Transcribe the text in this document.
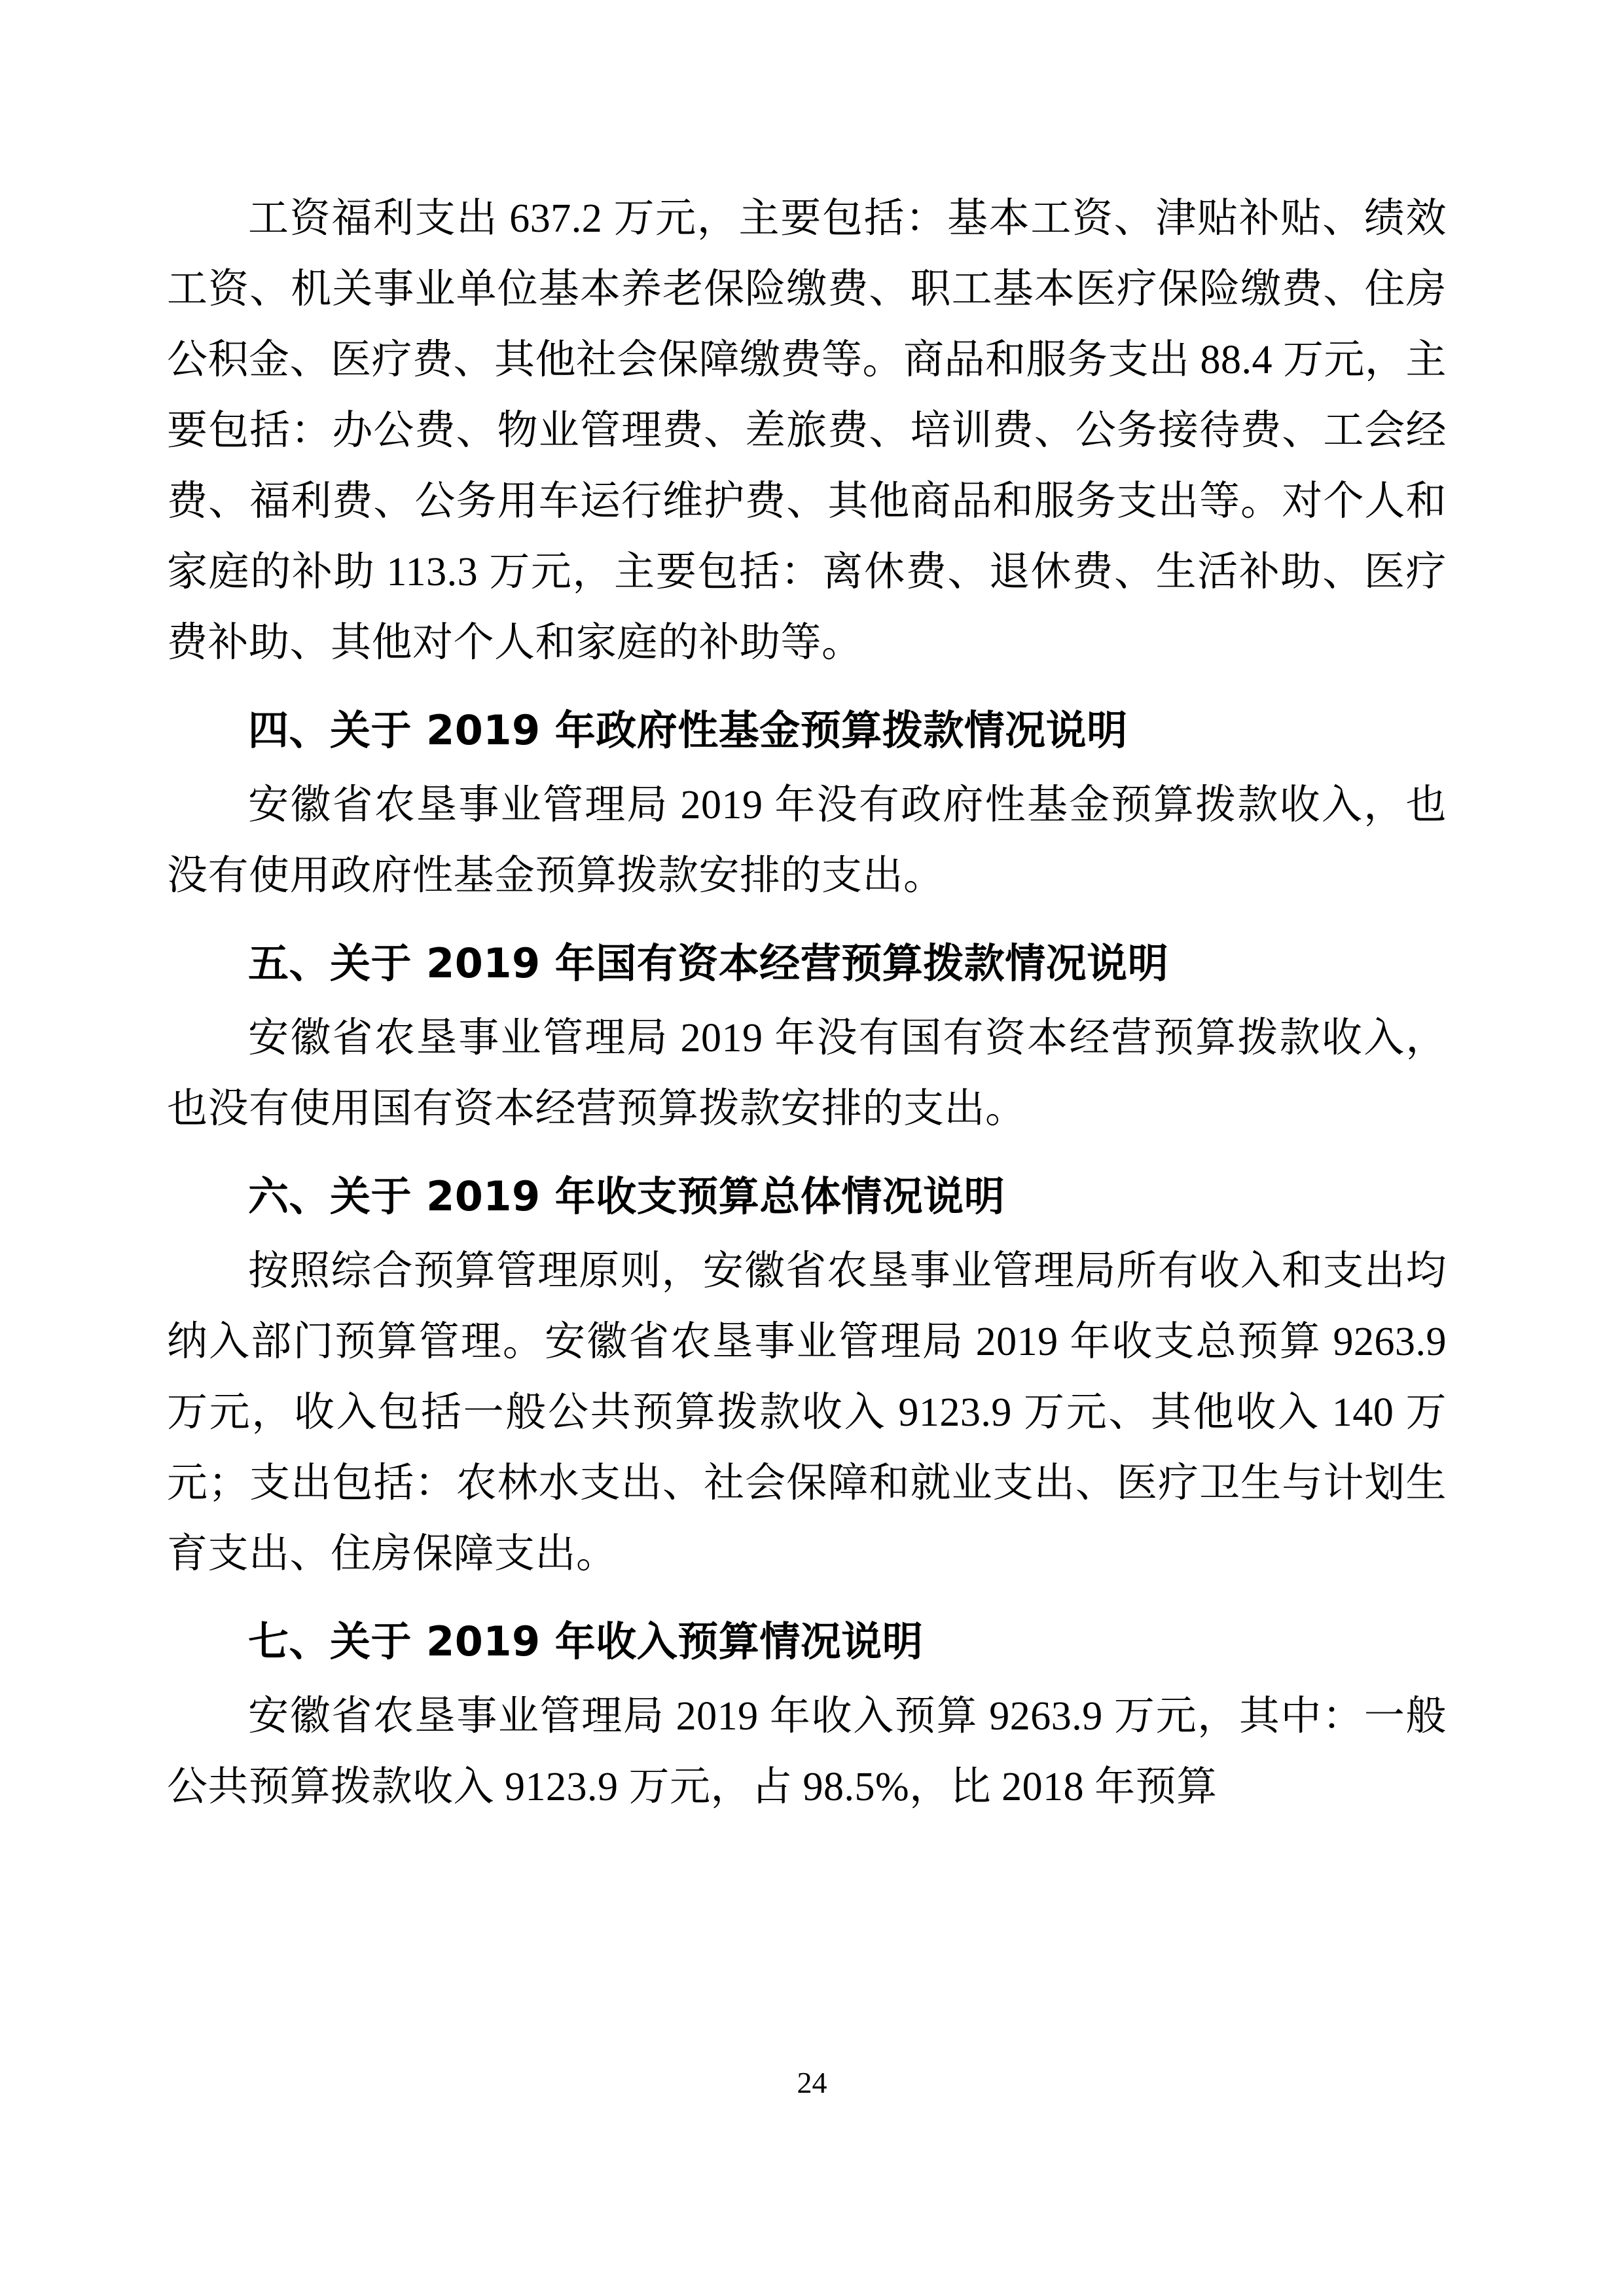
工资福利支出 637.2 万元，主要包括：基本工资、津贴补贴、绩效工资、机关事业单位基本养老保险缴费、职工基本医疗保险缴费、住房公积金、医疗费、其他社会保障缴费等。商品和服务支出 88.4 万元，主要包括：办公费、物业管理费、差旅费、培训费、公务接待费、工会经费、福利费、公务用车运行维护费、其他商品和服务支出等。对个人和家庭的补助 113.3 万元，主要包括：离休费、退休费、生活补助、医疗费补助、其他对个人和家庭的补助等。

四、关于 2019 年政府性基金预算拨款情况说明

安徽省农垦事业管理局 2019 年没有政府性基金预算拨款收入，也没有使用政府性基金预算拨款安排的支出。

五、关于 2019 年国有资本经营预算拨款情况说明

安徽省农垦事业管理局 2019 年没有国有资本经营预算拨款收入，也没有使用国有资本经营预算拨款安排的支出。

六、关于 2019 年收支预算总体情况说明

按照综合预算管理原则，安徽省农垦事业管理局所有收入和支出均纳入部门预算管理。安徽省农垦事业管理局 2019 年收支总预算 9263.9 万元，收入包括一般公共预算拨款收入 9123.9 万元、其他收入 140 万元；支出包括：农林水支出、社会保障和就业支出、医疗卫生与计划生育支出、住房保障支出。

七、关于 2019 年收入预算情况说明

安徽省农垦事业管理局 2019 年收入预算 9263.9 万元，其中：一般公共预算拨款收入 9123.9 万元，占 98.5%，比 2018 年预算

24
